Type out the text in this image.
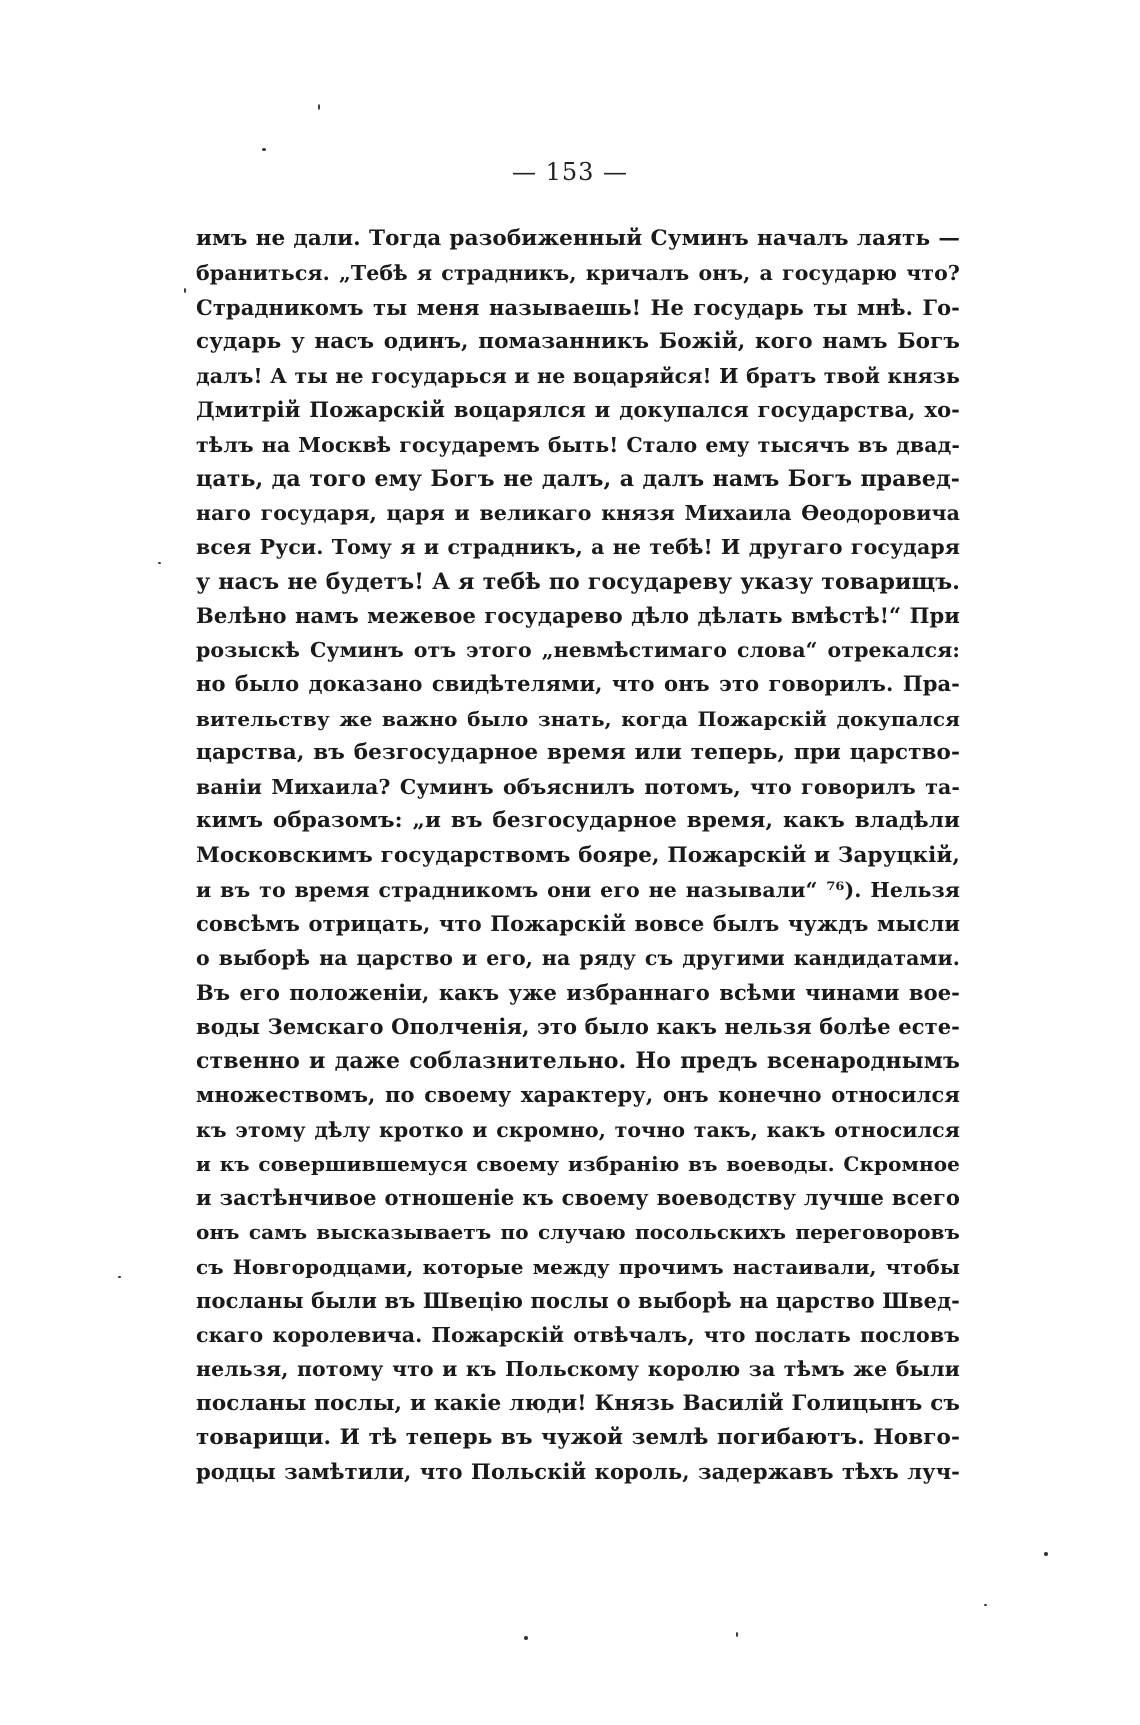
— 153 —
имъ не дали. Тогда разобиженный Суминъ началъ лаять —
браниться. „Тебѣ я страдникъ, кричалъ онъ, а государю что?
Страдникомъ ты меня называешь! Не государь ты мнѣ. Го-
сударь у насъ одинъ, помазанникъ Божій, кого намъ Богъ
далъ! А ты не государься и не воцаряйся! И братъ твой князь
Дмитрій Пожарскій воцарялся и докупался государства, хо-
тѣлъ на Москвѣ государемъ быть! Стало ему тысячъ въ двад-
цать, да того ему Богъ не далъ, а далъ намъ Богъ правед-
наго государя, царя и великаго князя Михаила Ѳеодоровича
всея Руси. Тому я и страдникъ, а не тебѣ! И другаго государя
у насъ не будетъ! А я тебѣ по государеву указу товарищъ.
Велѣно намъ межевое государево дѣло дѣлать вмѣстѣ!“ При
розыскѣ Суминъ отъ этого „невмѣстимаго слова“ отрекался:
но было доказано свидѣтелями, что онъ это говорилъ. Пра-
вительству же важно было знать, когда Пожарскій докупался
царства, въ безгосударное время или теперь, при царство-
ваніи Михаила? Суминъ объяснилъ потомъ, что говорилъ та-
кимъ образомъ: „и въ безгосударное время, какъ владѣли
Московскимъ государствомъ бояре, Пожарскій и Заруцкій,
и въ то время страдникомъ они его не называли“ ⁷⁶). Нельзя
совсѣмъ отрицать, что Пожарскій вовсе былъ чуждъ мысли
о выборѣ на царство и его, на ряду съ другими кандидатами.
Въ его положеніи, какъ уже избраннаго всѣми чинами вое-
воды Земскаго Ополченія, это было какъ нельзя болѣе есте-
ственно и даже соблазнительно. Но предъ всенароднымъ
множествомъ, по своему характеру, онъ конечно относился
къ этому дѣлу кротко и скромно, точно такъ, какъ относился
и къ совершившемуся своему избранію въ воеводы. Скромное
и застѣнчивое отношеніе къ своему воеводству лучше всего
онъ самъ высказываетъ по случаю посольскихъ переговоровъ
съ Новгородцами, которые между прочимъ настаивали, чтобы
посланы были въ Швецію послы о выборѣ на царство Швед-
скаго королевича. Пожарскій отвѣчалъ, что послать пословъ
нельзя, потому что и къ Польскому королю за тѣмъ же были
посланы послы, и какіе люди! Князь Василій Голицынъ съ
товарищи. И тѣ теперь въ чужой землѣ погибаютъ. Новго-
родцы замѣтили, что Польскій король, задержавъ тѣхъ луч-
